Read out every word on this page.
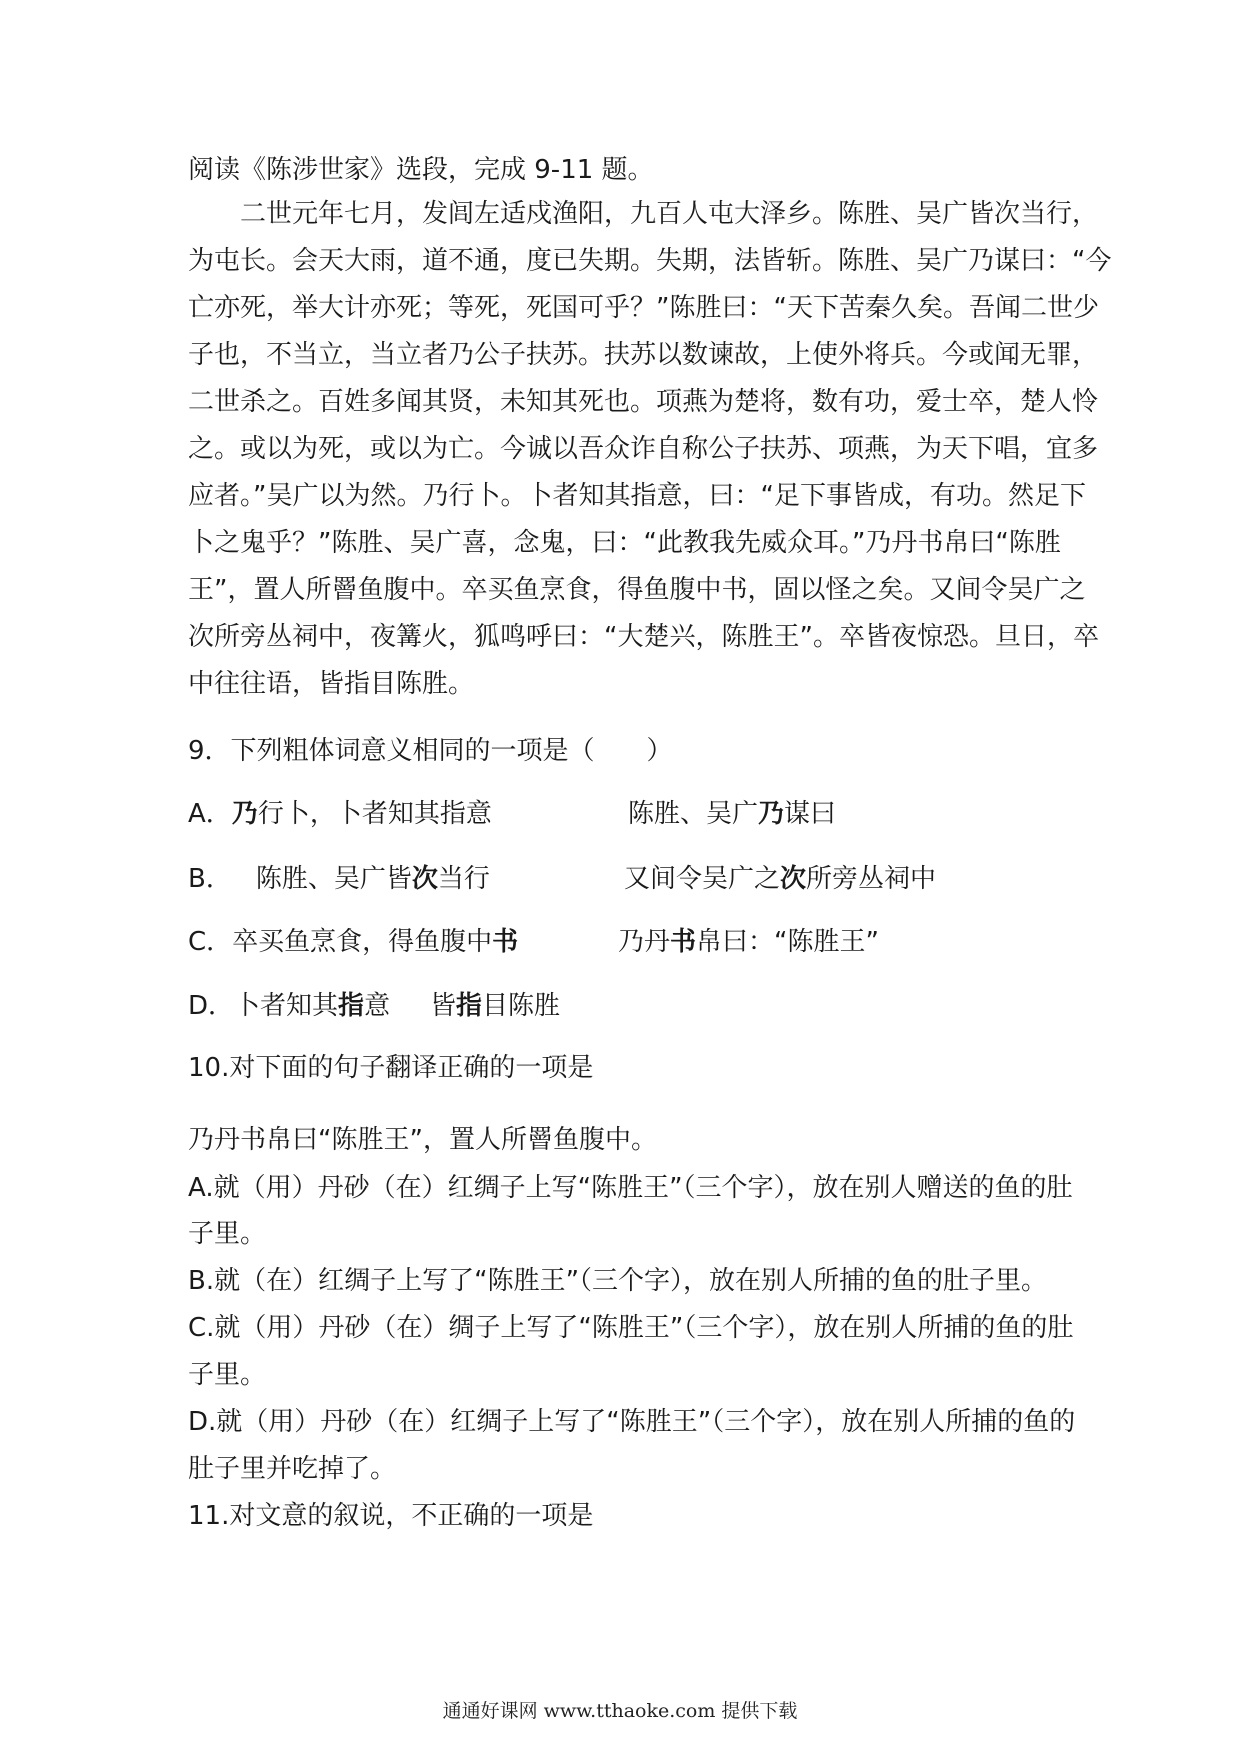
阅读《陈涉世家》选段，完成 9-11 题。
二世元年七月，发闾左适戍渔阳，九百人屯大泽乡。陈胜、吴广皆次当行，
为屯长。会天大雨，道不通，度已失期。失期，法皆斩。陈胜、吴广乃谋曰：“今
亡亦死，举大计亦死；等死，死国可乎？”陈胜曰：“天下苦秦久矣。吾闻二世少
子也，不当立，当立者乃公子扶苏。扶苏以数谏故，上使外将兵。今或闻无罪，
二世杀之。百姓多闻其贤，未知其死也。项燕为楚将，数有功，爱士卒，楚人怜
之。或以为死，或以为亡。今诚以吾众诈自称公子扶苏、项燕，为天下唱，宜多
应者。”吴广以为然。乃行卜。卜者知其指意，曰：“足下事皆成，有功。然足下
卜之鬼乎？”陈胜、吴广喜，念鬼，曰：“此教我先威众耳。”乃丹书帛曰“陈胜
王”，置人所罾鱼腹中。卒买鱼烹食，得鱼腹中书，固以怪之矣。又间令吴广之
次所旁丛祠中，夜篝火，狐鸣呼曰：“大楚兴，陈胜王”。卒皆夜惊恐。旦日，卒
中往往语，皆指目陈胜。
9．下列粗体词意义相同的一项是（　　）
A．乃行卜，卜者知其指意	陈胜、吴广乃谋曰
B． 陈胜、吴广皆次当行	又间令吴广之次所旁丛祠中
C．卒买鱼烹食，得鱼腹中书	乃丹书帛曰：“陈胜王”
D．卜者知其指意 皆指目陈胜
10.对下面的句子翻译正确的一项是
乃丹书帛曰“陈胜王”，置人所罾鱼腹中。
A.就（用）丹砂（在）红绸子上写“陈胜王”（三个字），放在别人赠送的鱼的肚
子里。
B.就（在）红绸子上写了“陈胜王”（三个字），放在别人所捕的鱼的肚子里。
C.就（用）丹砂（在）绸子上写了“陈胜王”（三个字），放在别人所捕的鱼的肚
子里。
D.就（用）丹砂（在）红绸子上写了“陈胜王”（三个字），放在别人所捕的鱼的
肚子里并吃掉了。
11.对文意的叙说，不正确的一项是
通通好课网 www.tthaoke.com 提供下载
